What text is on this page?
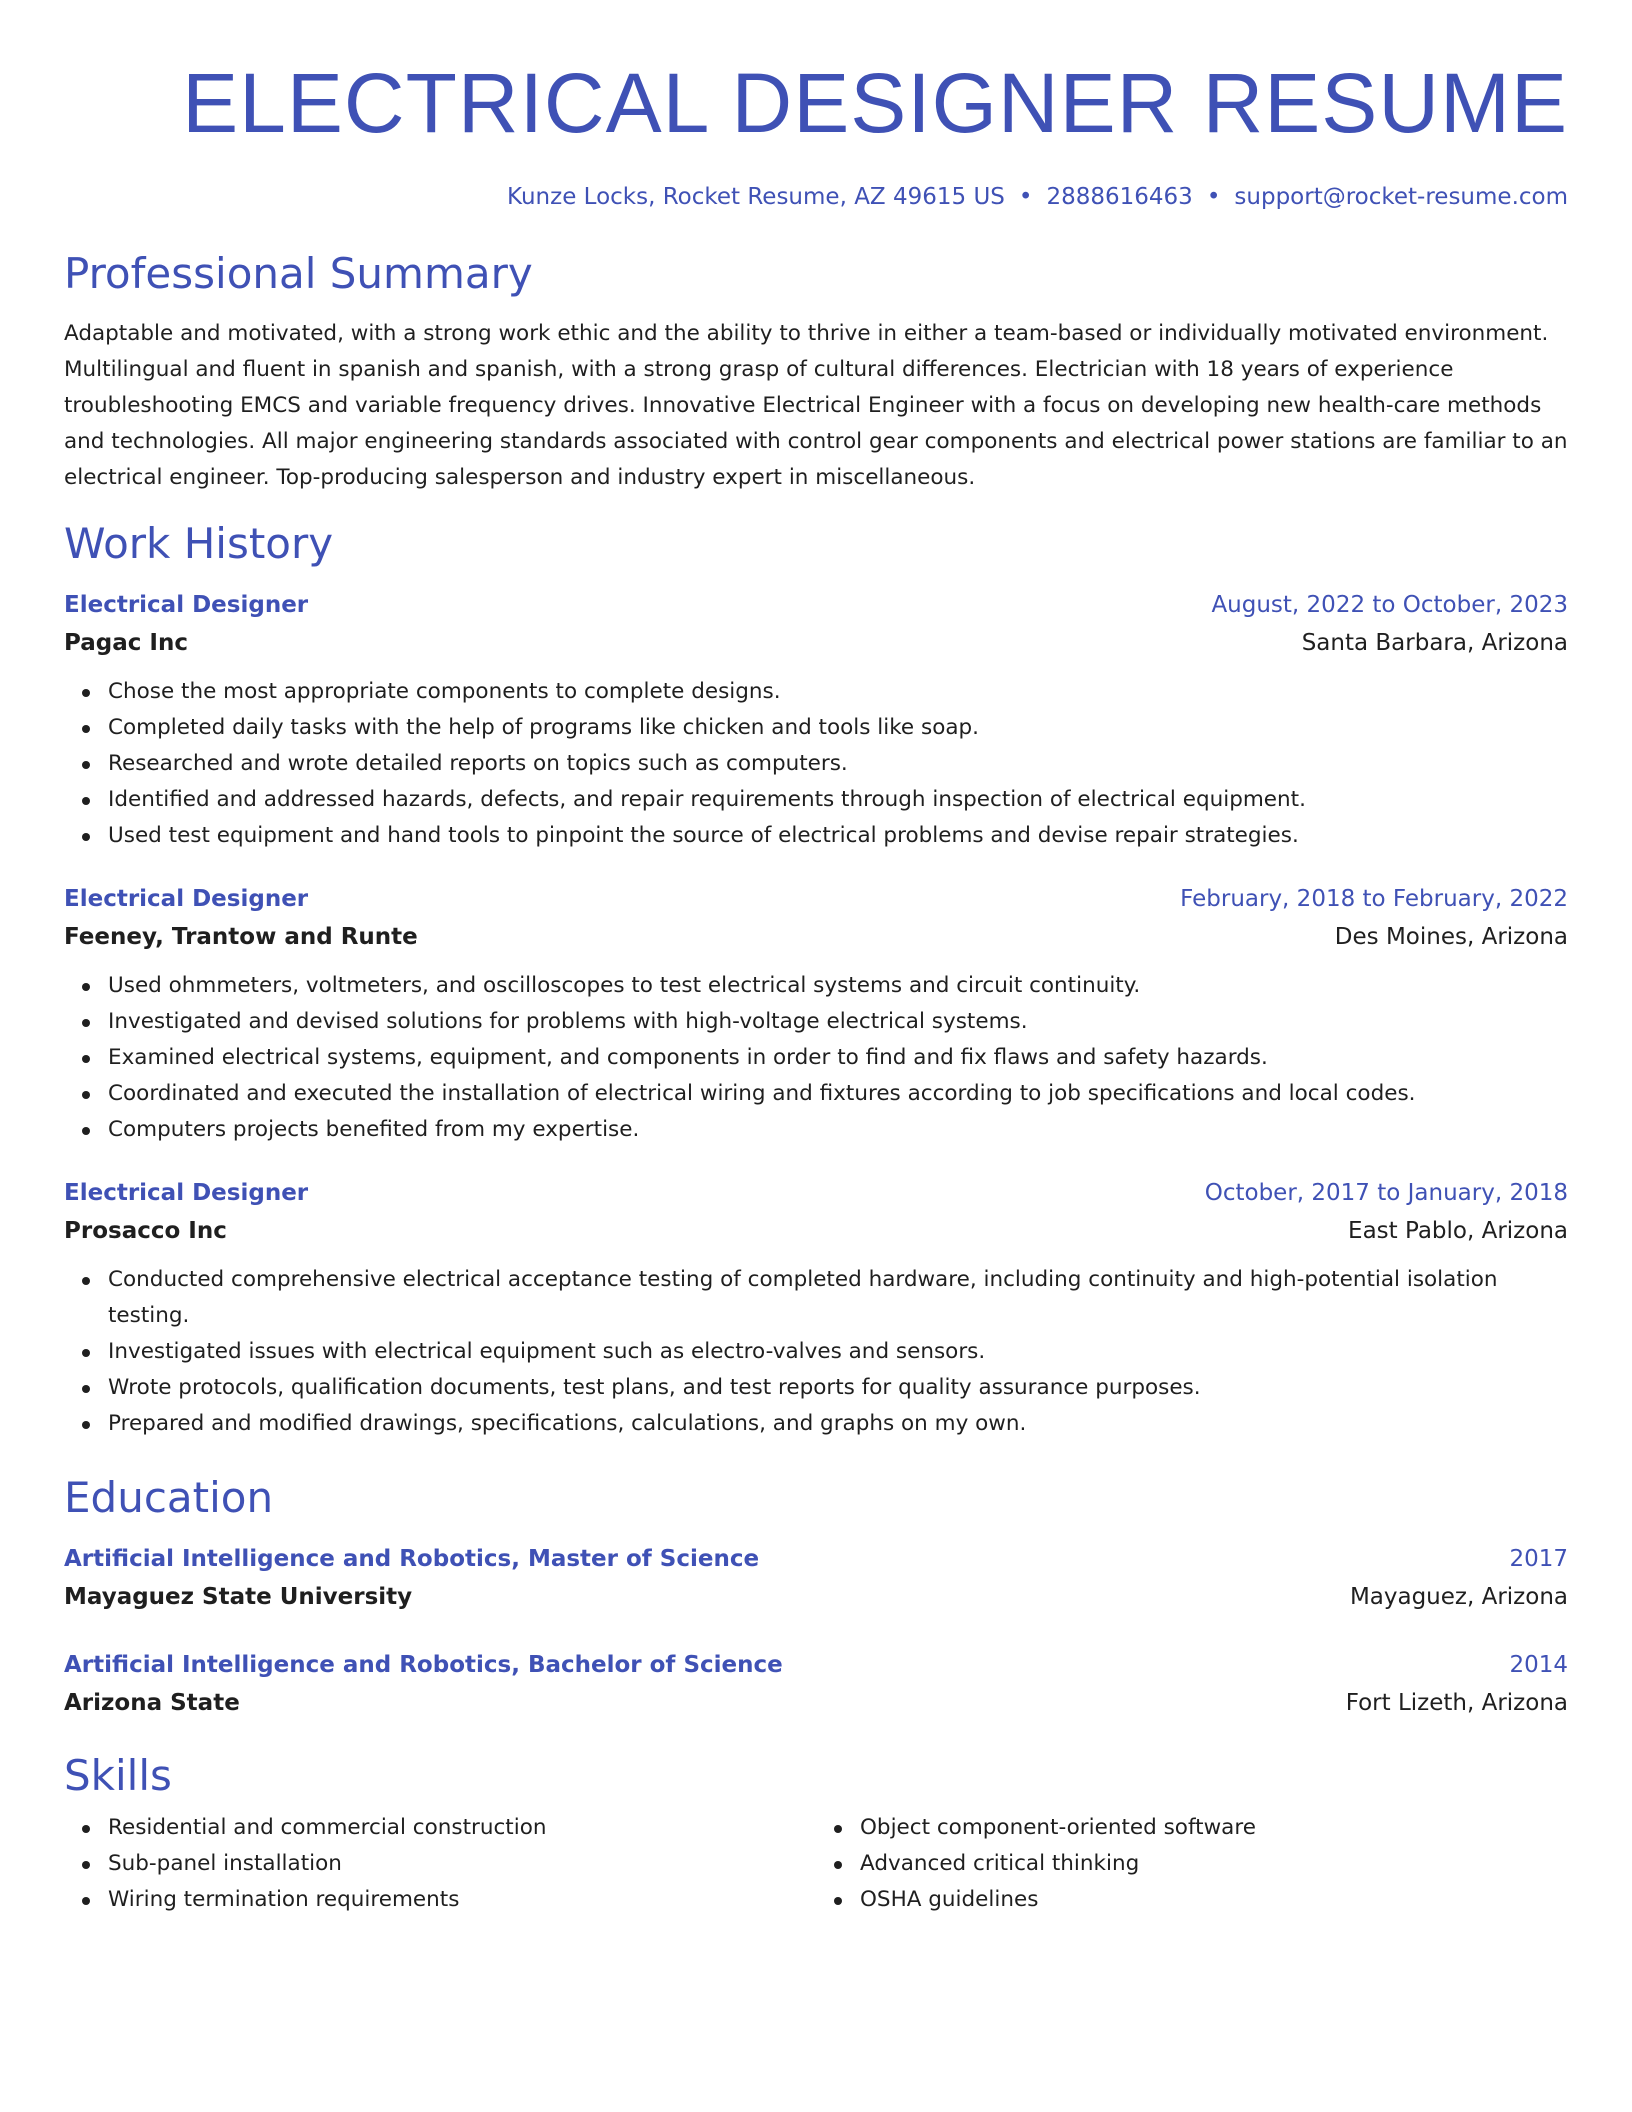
ELECTRICAL DESIGNER RESUME
Kunze Locks, Rocket Resume, AZ 49615 US • 2888616463 • support@rocket-resume.com
Professional Summary
Adaptable and motivated, with a strong work ethic and the ability to thrive in either a team-based or individually motivated environment. Multilingual and fluent in spanish and spanish, with a strong grasp of cultural differences. Electrician with 18 years of experience troubleshooting EMCS and variable frequency drives. Innovative Electrical Engineer with a focus on developing new health-care methods and technologies. All major engineering standards associated with control gear components and electrical power stations are familiar to an electrical engineer. Top-producing salesperson and industry expert in miscellaneous.
Work History
Electrical Designer	August, 2022 to October, 2023
Pagac Inc	Santa Barbara, Arizona
Chose the most appropriate components to complete designs.
Completed daily tasks with the help of programs like chicken and tools like soap.
Researched and wrote detailed reports on topics such as computers.
Identified and addressed hazards, defects, and repair requirements through inspection of electrical equipment.
Used test equipment and hand tools to pinpoint the source of electrical problems and devise repair strategies.
Electrical Designer	February, 2018 to February, 2022
Feeney, Trantow and Runte	Des Moines, Arizona
Used ohmmeters, voltmeters, and oscilloscopes to test electrical systems and circuit continuity.
Investigated and devised solutions for problems with high-voltage electrical systems.
Examined electrical systems, equipment, and components in order to find and fix flaws and safety hazards.
Coordinated and executed the installation of electrical wiring and fixtures according to job specifications and local codes.
Computers projects benefited from my expertise.
Electrical Designer	October, 2017 to January, 2018
Prosacco Inc	East Pablo, Arizona
Conducted comprehensive electrical acceptance testing of completed hardware, including continuity and high-potential isolation testing.
Investigated issues with electrical equipment such as electro-valves and sensors.
Wrote protocols, qualification documents, test plans, and test reports for quality assurance purposes.
Prepared and modified drawings, specifications, calculations, and graphs on my own.
Education
Artificial Intelligence and Robotics, Master of Science	2017
Mayaguez State University	Mayaguez, Arizona
Artificial Intelligence and Robotics, Bachelor of Science	2014
Arizona State	Fort Lizeth, Arizona
Skills
Residential and commercial construction
Sub-panel installation
Wiring termination requirements
Object component-oriented software
Advanced critical thinking
OSHA guidelines
